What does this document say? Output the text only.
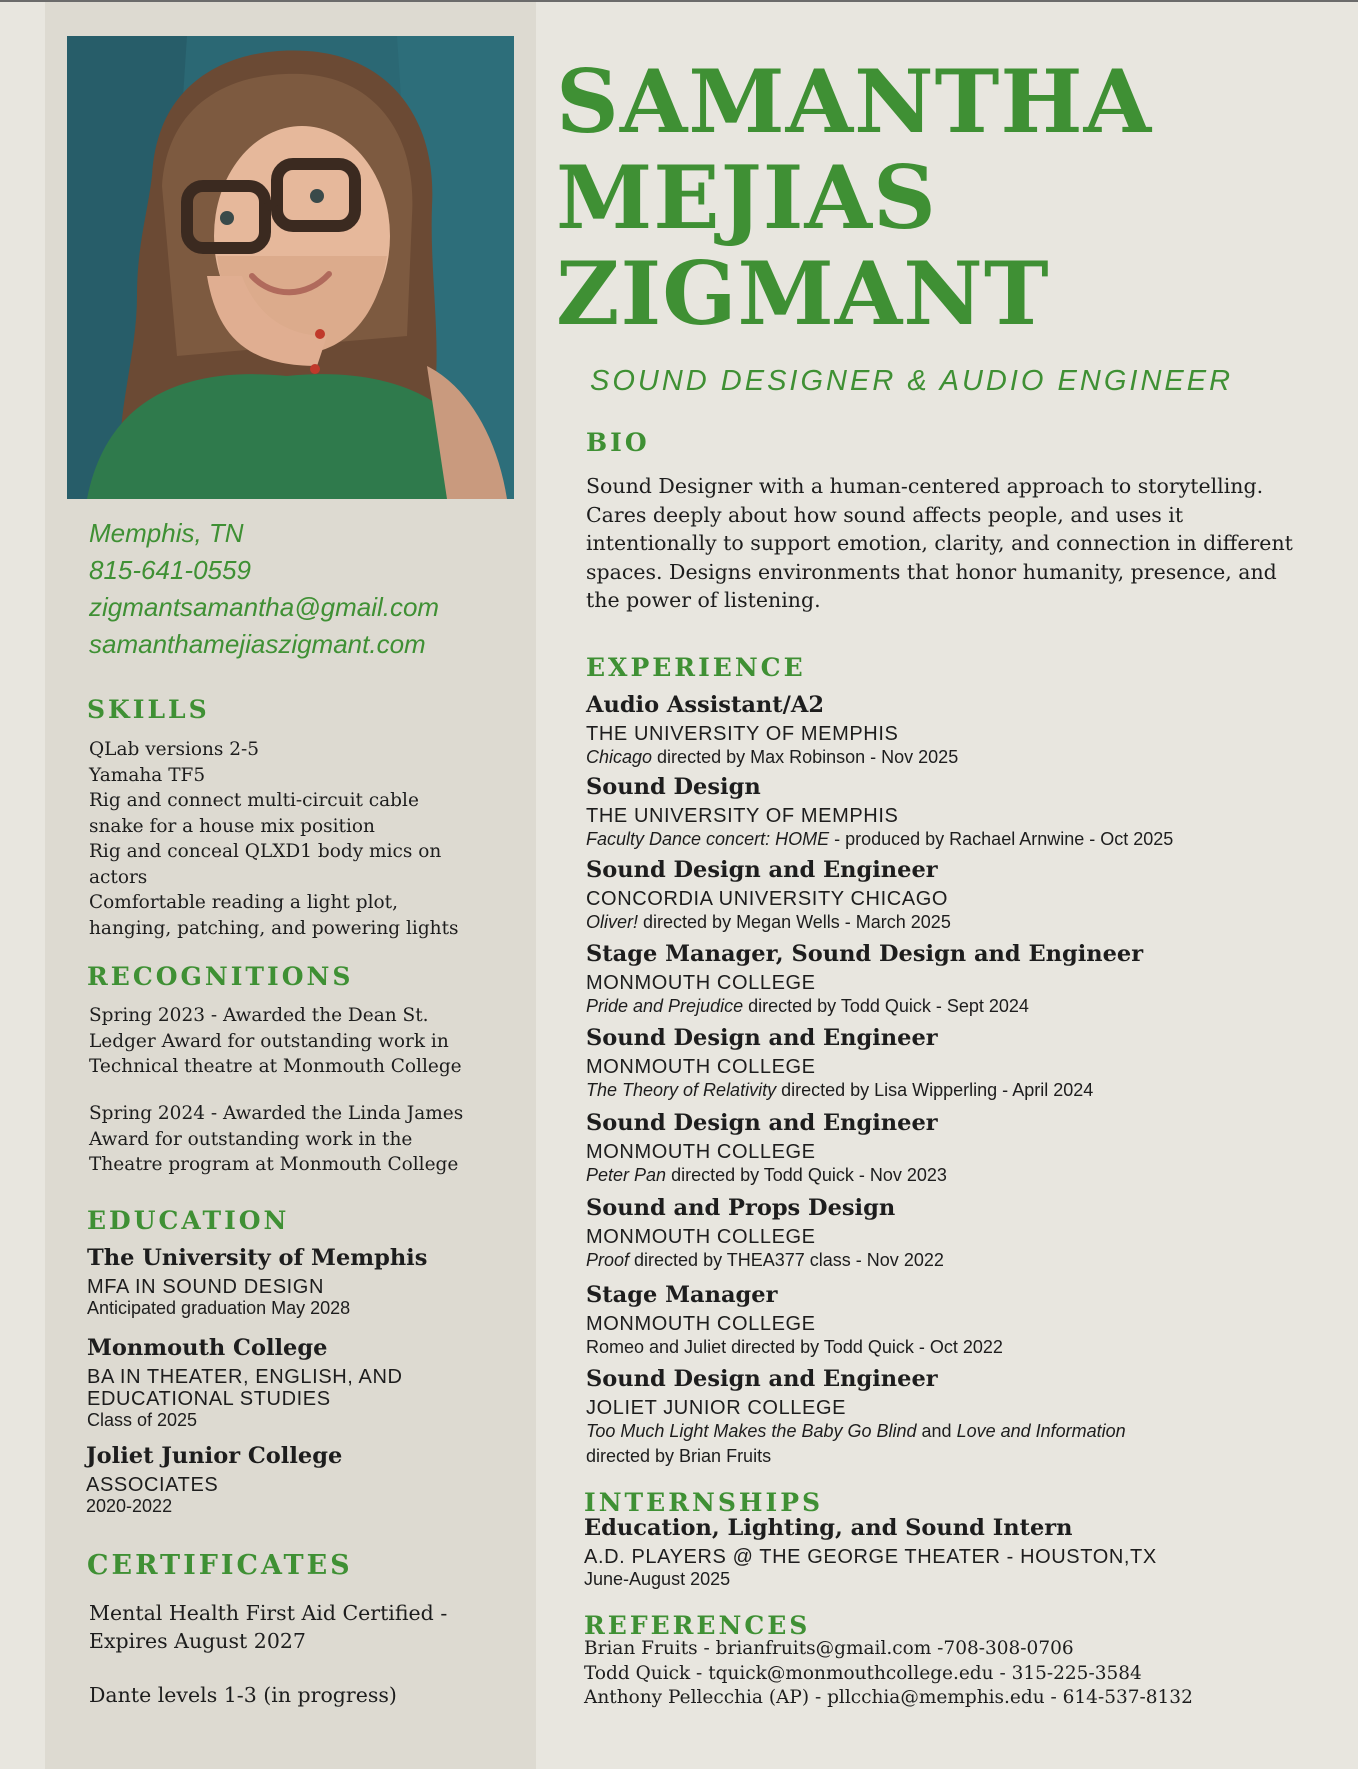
Memphis, TN
815-641-0559
zigmantsamantha@gmail.com
samanthamejiaszigmant.com
SKILLS
QLab versions 2-5
Yamaha TF5
Rig and connect multi-circuit cable
snake for a house mix position
Rig and conceal QLXD1 body mics on
actors
Comfortable reading a light plot,
hanging, patching, and powering lights
RECOGNITIONS
Spring 2023 - Awarded the Dean St.
Ledger Award for outstanding work in
Technical theatre at Monmouth College
Spring 2024 - Awarded the Linda James
Award for outstanding work in the
Theatre program at Monmouth College
EDUCATION
The University of Memphis
MFA IN SOUND DESIGN
Anticipated graduation May 2028
Monmouth College
BA IN THEATER, ENGLISH, AND
EDUCATIONAL STUDIES
Class of 2025
Joliet Junior College
ASSOCIATES
2020-2022
CERTIFICATES
Mental Health First Aid Certified -
Expires August 2027
Dante levels 1-3 (in progress)
SAMANTHA
MEJIAS
ZIGMANT
SOUND DESIGNER & AUDIO ENGINEER
BIO
Sound Designer with a human-centered approach to storytelling. Cares deeply about how sound affects people, and uses it intentionally to support emotion, clarity, and connection in different spaces. Designs environments that honor humanity, presence, and the power of listening.
EXPERIENCE
Audio Assistant/A2
THE UNIVERSITY OF MEMPHIS
Chicago directed by Max Robinson - Nov 2025
Sound Design
THE UNIVERSITY OF MEMPHIS
Faculty Dance concert: HOME - produced by Rachael Arnwine - Oct 2025
Sound Design and Engineer
CONCORDIA UNIVERSITY CHICAGO
Oliver! directed by Megan Wells - March 2025
Stage Manager, Sound Design and Engineer
MONMOUTH COLLEGE
Pride and Prejudice directed by Todd Quick - Sept 2024
Sound Design and Engineer
MONMOUTH COLLEGE
The Theory of Relativity directed by Lisa Wipperling - April 2024
Sound Design and Engineer
MONMOUTH COLLEGE
Peter Pan directed by Todd Quick - Nov 2023
Sound and Props Design
MONMOUTH COLLEGE
Proof directed by THEA377 class - Nov 2022
Stage Manager
MONMOUTH COLLEGE
Romeo and Juliet directed by Todd Quick - Oct 2022
Sound Design and Engineer
JOLIET JUNIOR COLLEGE
Too Much Light Makes the Baby Go Blind and Love and Information
directed by Brian Fruits
INTERNSHIPS
Education, Lighting, and Sound Intern
A.D. PLAYERS @ THE GEORGE THEATER - HOUSTON,TX
June-August 2025
REFERENCES
Brian Fruits - brianfruits@gmail.com -708-308-0706
Todd Quick - tquick@monmouthcollege.edu - 315-225-3584
Anthony Pellecchia (AP) - pllcchia@memphis.edu - 614-537-8132
